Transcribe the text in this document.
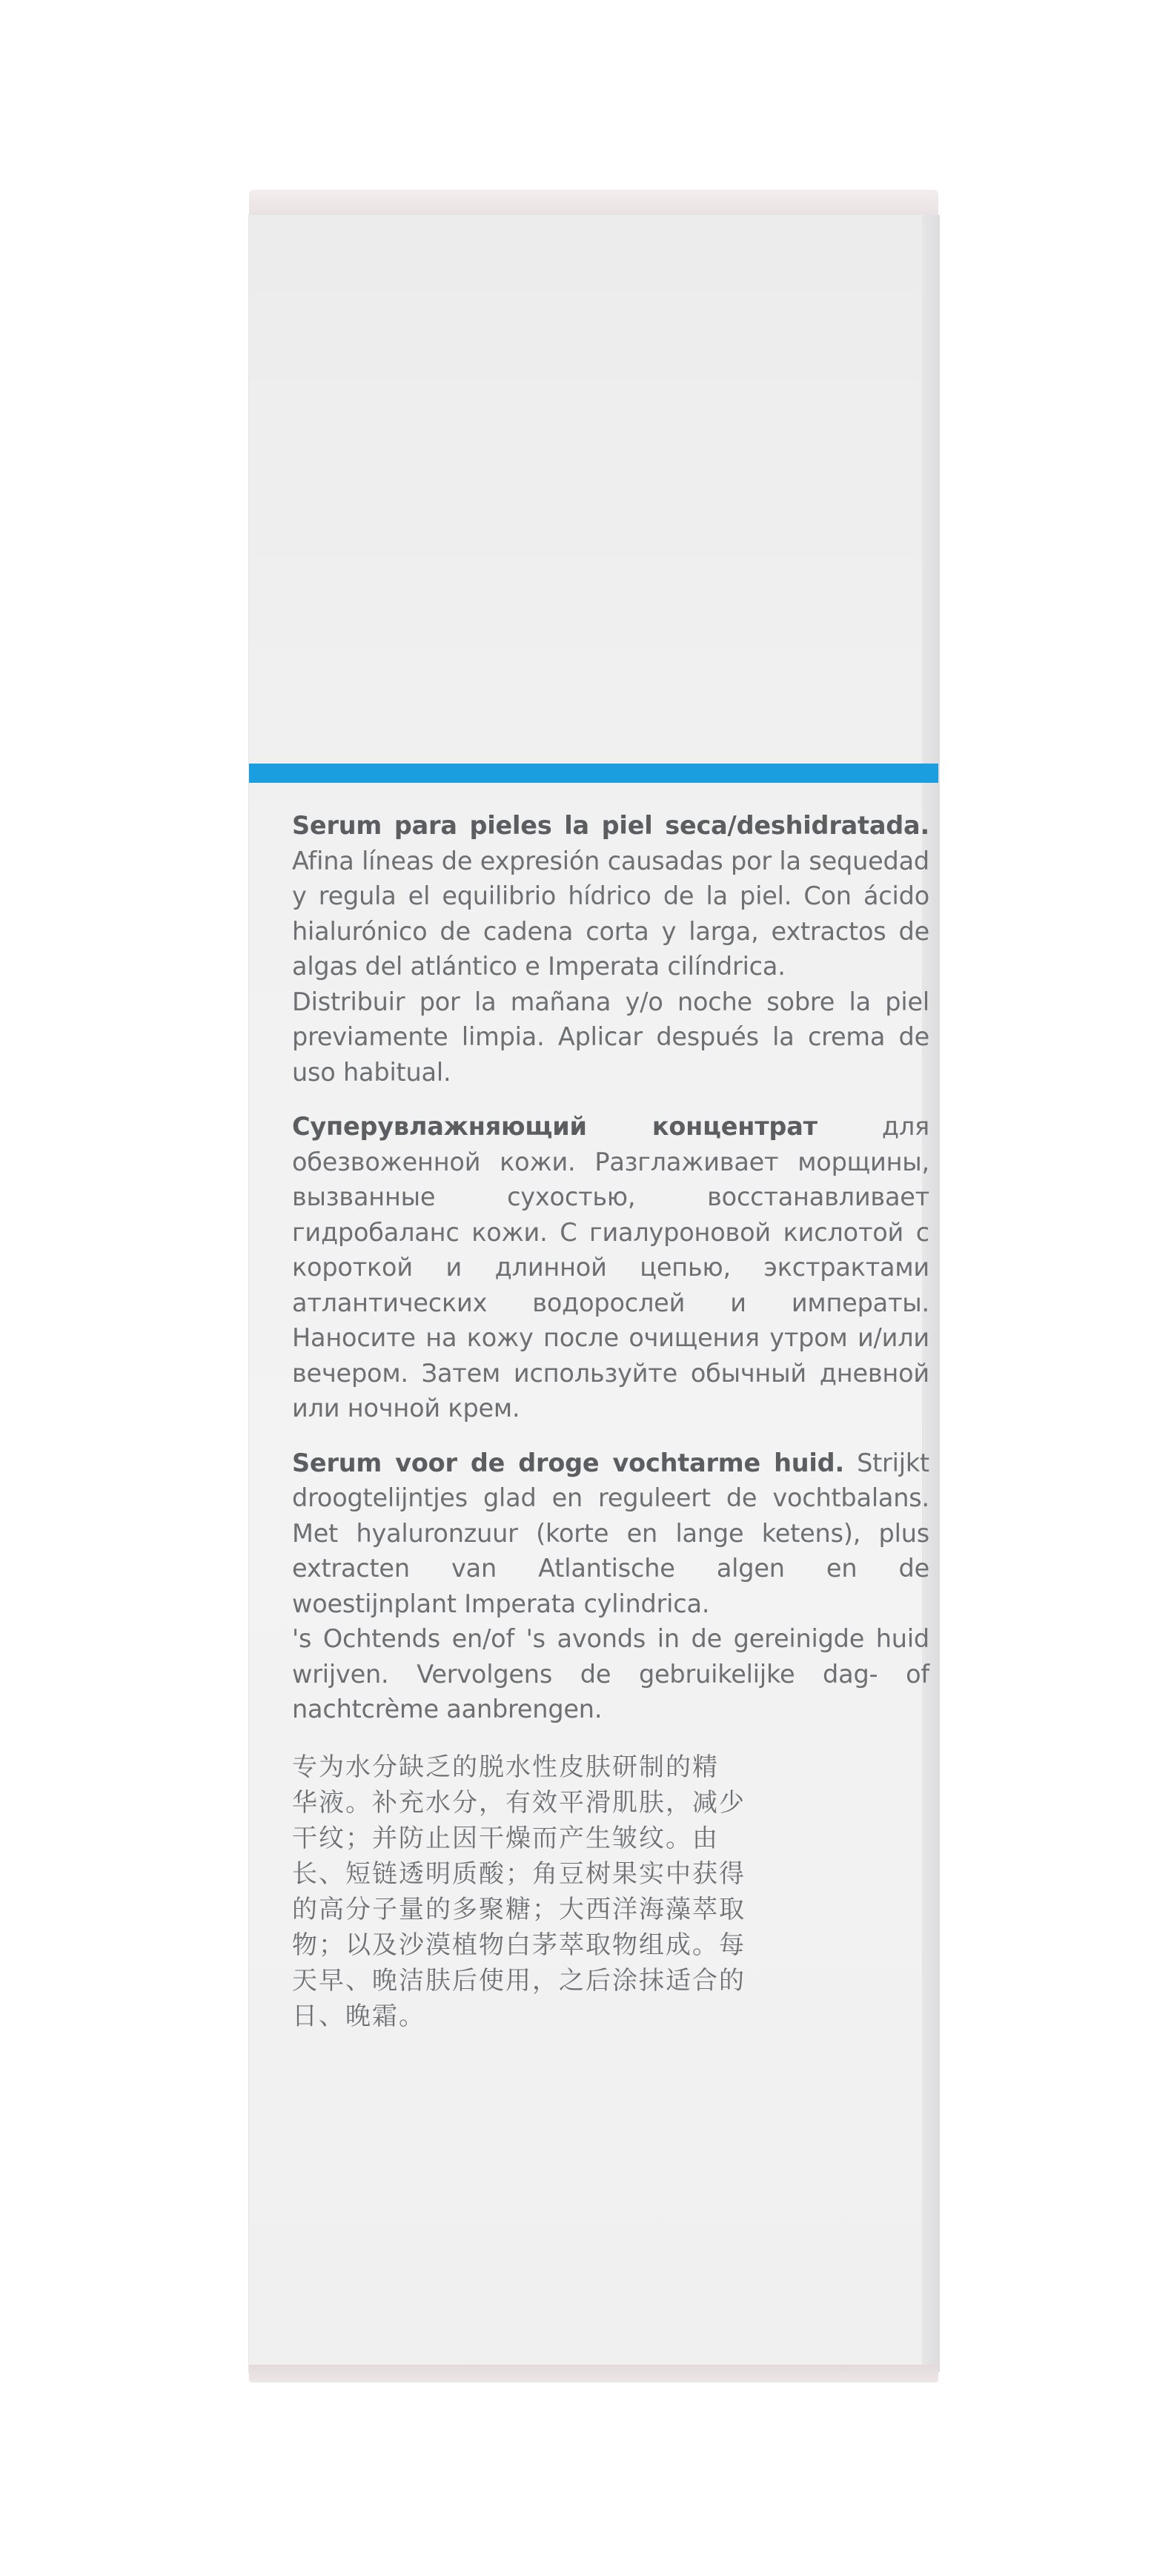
Serum para pieles la piel seca/deshidratada. Afina líneas de expresión causadas por la sequedad y regula el equilibrio hídrico de la piel. Con ácido hialurónico de cadena corta y larga, extractos de algas del atlántico e Imperata cilíndrica.

Distribuir por la mañana y/o noche sobre la piel previamente limpia. Aplicar después la crema de uso habitual.

Суперувлажняющий концентрат	для обезвоженной кожи. Разглаживает морщины, вызванные сухостью, восстанавливает гидробаланс кожи. С гиалуроновой кислотой с короткой и длинной цепью, экстрактами атлантических водорослей и императы. Наносите на кожу после очищения утром и/или вечером. Затем используйте обычный дневной или ночной крем.

Serum voor de droge vochtarme huid. Strijkt droogtelijntjes glad en reguleert de vochtbalans. Met hyaluronzuur (korte en lange ketens), plus extracten van Atlantische algen en de woestijnplant Imperata cylindrica.

's Ochtends en/of 's avonds in de gereinigde huid wrijven. Vervolgens de gebruikelijke dag- of nachtcrème aanbrengen.

专为水分缺乏的脱水性皮肤研制的精

华液。补充水分，有效平滑肌肤，减少

干纹；并防止因干燥而产生皱纹。由

长、短链透明质酸；角豆树果实中获得

的高分子量的多聚糖；大西洋海藻萃取

物；以及沙漠植物白茅萃取物组成。每

天早、晚洁肤后使用，之后涂抹适合的

日、晚霜。
